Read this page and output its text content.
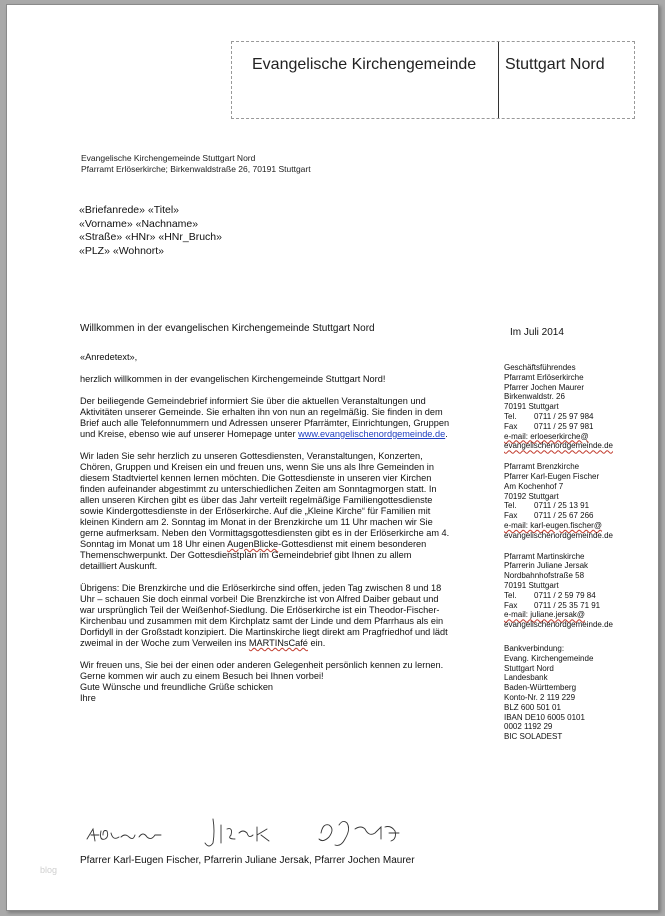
Evangelische Kirchengemeinde Stuttgart Nord
Evangelische Kirchengemeinde Stuttgart Nord
Pfarramt Erlöserkirche; Birkenwaldstraße 26, 70191 Stuttgart
«Briefanrede» «Titel»
«Vorname» «Nachname»
«Straße» «HNr» «HNr_Bruch»
«PLZ» «Wohnort»
Willkommen in der evangelischen Kirchengemeinde Stuttgart Nord	Im Juli 2014

«Anredetext»,

herzlich willkommen in der evangelischen Kirchengemeinde Stuttgart Nord!

Der beiliegende Gemeindebrief informiert Sie über die aktuellen Veranstaltungen und Aktivitäten unserer Gemeinde. Sie erhalten ihn von nun an regelmäßig. Sie finden in dem Brief auch alle Telefonnummern und Adressen unserer Pfarrämter, Einrichtungen, Gruppen und Kreise, ebenso wie auf unserer Homepage unter www.evangelischenordgemeinde.de.

Wir laden Sie sehr herzlich zu unseren Gottesdiensten, Veranstaltungen, Konzerten, Chören, Gruppen und Kreisen ein und freuen uns, wenn Sie uns als Ihre Gemeinden in diesem Stadtviertel kennen lernen möchten. Die Gottesdienste in unseren vier Kirchen finden aufeinander abgestimmt zu unterschiedlichen Zeiten am Sonntagmorgen statt. In allen unseren Kirchen gibt es über das Jahr verteilt regelmäßige Familiengottesdienste sowie Kindergottesdienste in der Erlöserkirche. Auf die „Kleine Kirche“ für Familien mit kleinen Kindern am 2. Sonntag im Monat in der Brenzkirche um 11 Uhr machen wir Sie gerne aufmerksam. Neben den Vormittagsgottesdiensten gibt es in der Erlöserkirche am 4. Sonntag im Monat um 18 Uhr einen AugenBlicke-Gottesdienst mit einem besonderen Themenschwerpunkt. Der Gottesdienstplan im Gemeindebrief gibt Ihnen zu allem detailliert Auskunft.

Übrigens: Die Brenzkirche und die Erlöserkirche sind offen, jeden Tag zwischen 8 und 18 Uhr – schauen Sie doch einmal vorbei! Die Brenzkirche ist von Alfred Daiber gebaut und war ursprünglich Teil der Weißenhof-Siedlung. Die Erlöserkirche ist ein Theodor-Fischer-Kirchenbau und zusammen mit dem Kirchplatz samt der Linde und dem Pfarrhaus als ein Dorfidyll in der Großstadt konzipiert. Die Martinskirche liegt direkt am Pragfriedhof und lädt zweimal in der Woche zum Verweilen ins MARTINsCafé ein.

Wir freuen uns, Sie bei der einen oder anderen Gelegenheit persönlich kennen zu lernen. Gerne kommen wir auch zu einem Besuch bei Ihnen vorbei!

Gute Wünsche und freundliche Grüße schicken

Ihre

Geschäftsführendes
Pfarramt Erlöserkirche
Pfarrer Jochen Maurer
Birkenwaldstr. 26
70191 Stuttgart
Tel.	0711 / 25 97 984
Fax	0711 / 25 97 981
e-mail: erloeserkirche@
evangelischenordgemeinde.de
Pfarramt Brenzkirche
Pfarrer Karl-Eugen Fischer
Am Kochenhof 7
70192 Stuttgart
Tel.	0711 / 25 13 91
Fax	0711 / 25 67 266
e-mail: karl-eugen.fischer@
evangelischenordgemeinde.de
Pfarramt Martinskirche
Pfarrerin Juliane Jersak
Nordbahnhofstraße 58
70191 Stuttgart
Tel.	0711 / 2 59 79 84
Fax	0711 / 25 35 71 91
e-mail: juliane.jersak@
evangelischenordgemeinde.de
Bankverbindung:
Evang. Kirchengemeinde
Stuttgart Nord
Landesbank
Baden-Württemberg
Konto-Nr. 2 119 229
BLZ 600 501 01
IBAN DE10 6005 0101
0002 1192 29
BIC SOLADEST
Pfarrer Karl-Eugen Fischer, Pfarrerin Juliane Jersak, Pfarrer Jochen Maurer
blog
